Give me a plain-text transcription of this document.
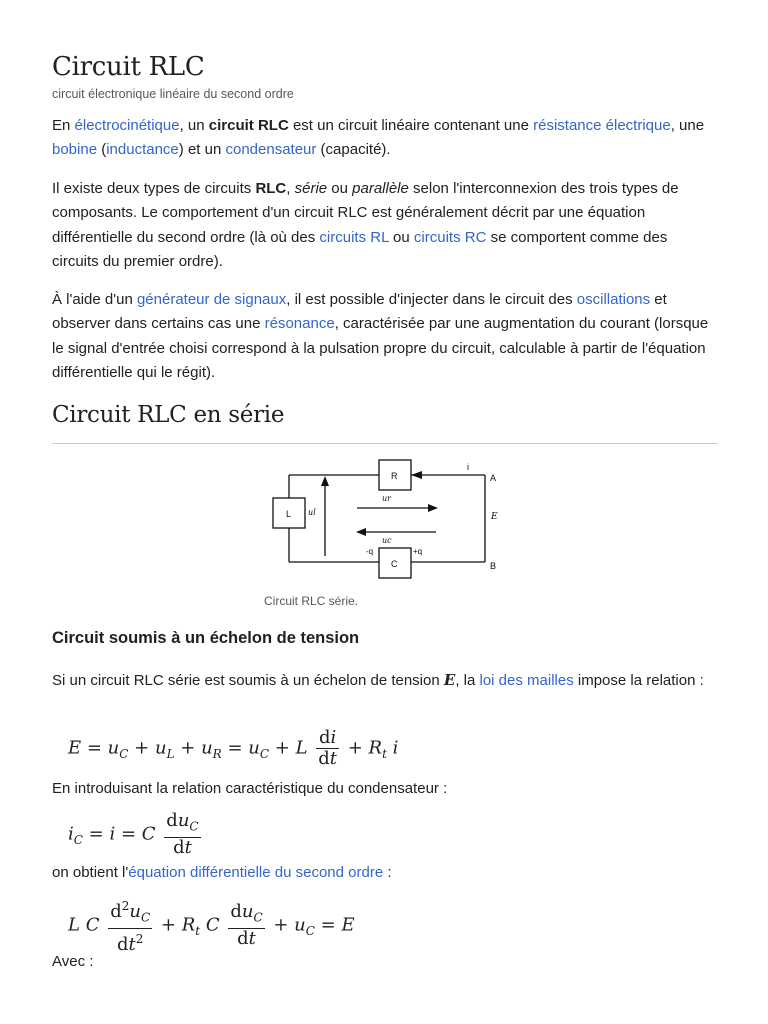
Circuit RLC
circuit électronique linéaire du second ordre

En électrocinétique, un circuit RLC est un circuit linéaire contenant une résistance électrique, une bobine (inductance) et un condensateur (capacité).

Il existe deux types de circuits RLC, série ou parallèle selon l'interconnexion des trois types de composants. Le comportement d'un circuit RLC est généralement décrit par une équation différentielle du second ordre (là où des circuits RL ou circuits RC se comportent comme des circuits du premier ordre).

À l'aide d'un générateur de signaux, il est possible d'injecter dans le circuit des oscillations et observer dans certains cas une résonance, caractérisée par une augmentation du courant (lorsque le signal d'entrée choisi correspond à la pulsation propre du circuit, calculable à partir de l'équation différentielle qui le régit).

Circuit RLC en série
R
L
C
A
B
i
-q	+q
ur
uc
ul	E
Circuit RLC série.
Circuit soumis à un échelon de tension

Si un circuit RLC série est soumis à un échelon de tension E, la loi des mailles impose la relation :

$E = u_C + u_L + u_R = u_C + L \frac{di}{dt} + R_t$ i

En introduisant la relation caractéristique du condensateur :

$i_C = i = C \frac{du_C}{dt}$

on obtient l'équation différentielle du second ordre :

L C $\frac{d^2u_C}{dt^2} + R_t$ C $\frac{du_C}{dt} + u_C = E$
Avec :
